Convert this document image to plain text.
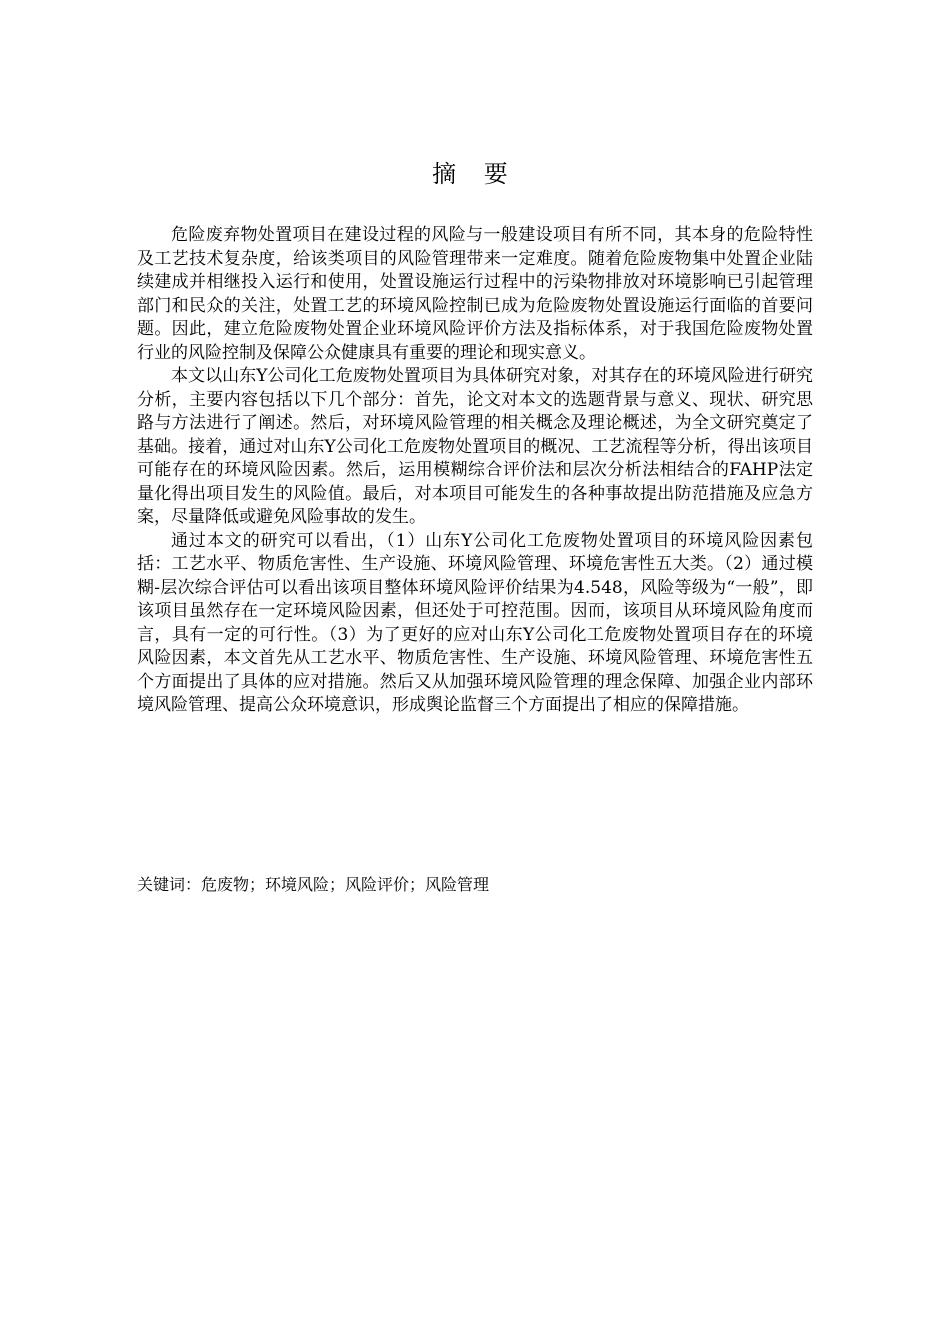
摘 要

危险废弃物处置项目在建设过程的风险与一般建设项目有所不同，其本身的危险特性及工艺技术复杂度，给该类项目的风险管理带来一定难度。随着危险废物集中处置企业陆续建成并相继投入运行和使用，处置设施运行过程中的污染物排放对环境影响已引起管理部门和民众的关注，处置工艺的环境风险控制已成为危险废物处置设施运行面临的首要问题。因此，建立危险废物处置企业环境风险评价方法及指标体系，对于我国危险废物处置行业的风险控制及保障公众健康具有重要的理论和现实意义。

本文以山东Y公司化工危废物处置项目为具体研究对象，对其存在的环境风险进行研究分析，主要内容包括以下几个部分：首先，论文对本文的选题背景与意义、现状、研究思路与方法进行了阐述。然后，对环境风险管理的相关概念及理论概述，为全文研究奠定了基础。接着，通过对山东Y公司化工危废物处置项目的概况、工艺流程等分析，得出该项目可能存在的环境风险因素。然后，运用模糊综合评价法和层次分析法相结合的FAHP法定量化得出项目发生的风险值。最后，对本项目可能发生的各种事故提出防范措施及应急方案，尽量降低或避免风险事故的发生。

通过本文的研究可以看出，（1）山东Y公司化工危废物处置项目的环境风险因素包括：工艺水平、物质危害性、生产设施、环境风险管理、环境危害性五大类。（2）通过模糊-层次综合评估可以看出该项目整体环境风险评价结果为4.548，风险等级为“一般”，即该项目虽然存在一定环境风险因素，但还处于可控范围。因而，该项目从环境风险角度而言，具有一定的可行性。（3）为了更好的应对山东Y公司化工危废物处置项目存在的环境风险因素，本文首先从工艺水平、物质危害性、生产设施、环境风险管理、环境危害性五个方面提出了具体的应对措施。然后又从加强环境风险管理的理念保障、加强企业内部环境风险管理、提高公众环境意识，形成舆论监督三个方面提出了相应的保障措施。

关键词：危废物；环境风险；风险评价；风险管理
